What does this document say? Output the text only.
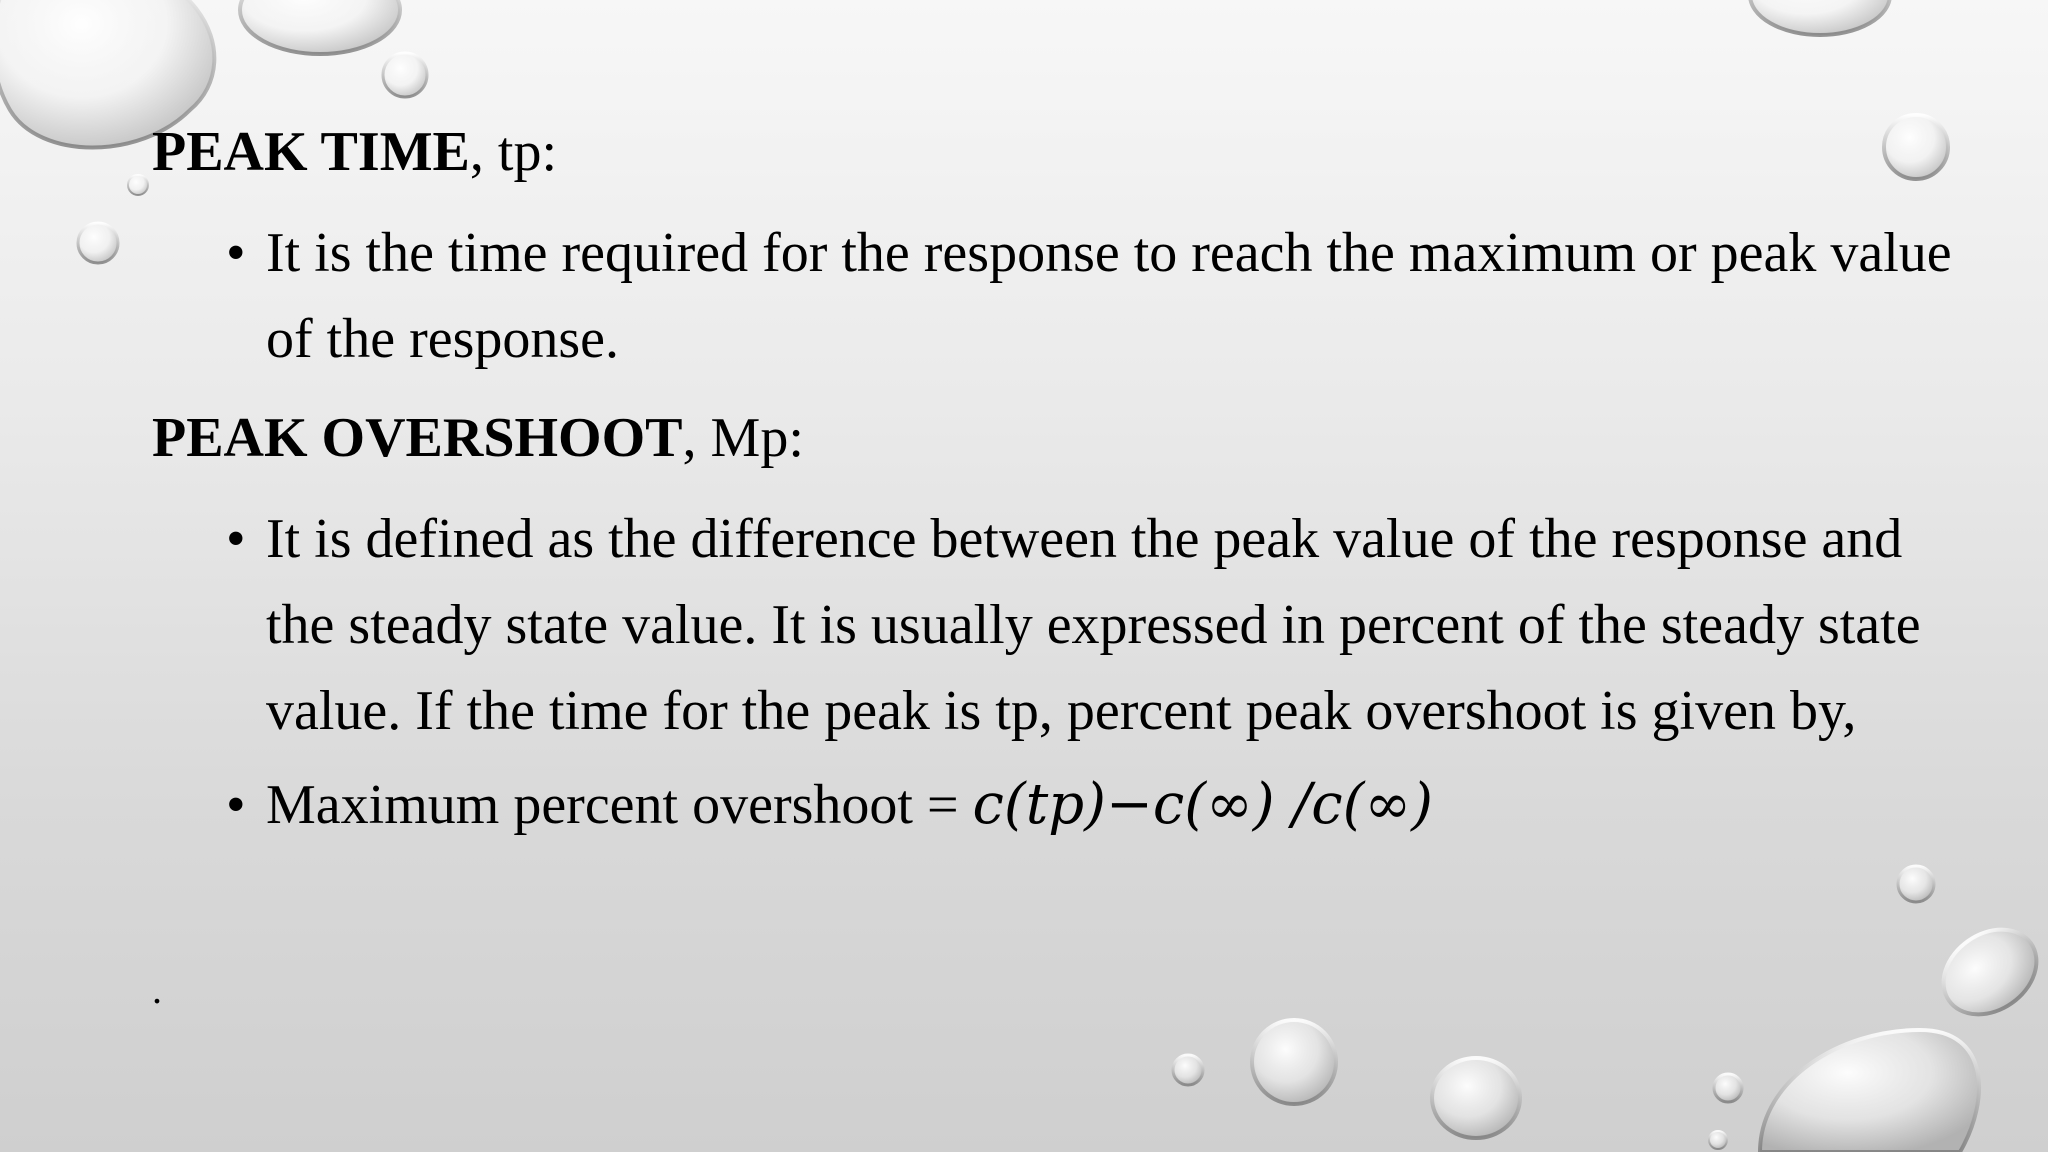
PEAK TIME, tp:

• It is the time required for the response to reach the maximum or peak value of the response.

PEAK OVERSHOOT, Mp:

• It is defined as the difference between the peak value of the response and the steady state value. It is usually expressed in percent of the steady state value. If the time for the peak is tp, percent peak overshoot is given by,
• Maximum percent overshoot = c(tp)−c(∞) /c(∞)
.
